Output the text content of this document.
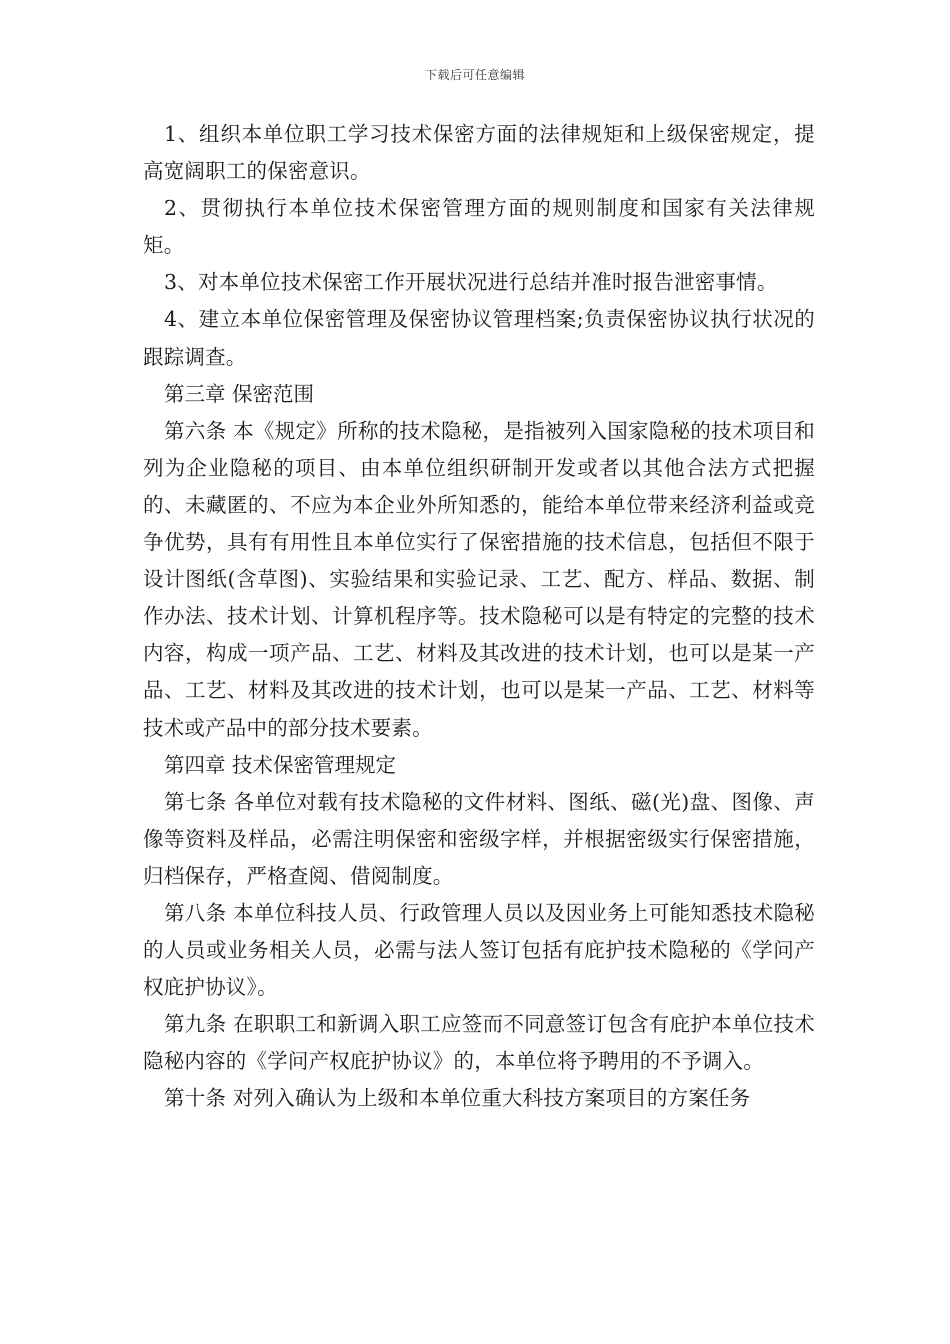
下载后可任意编辑

1、组织本单位职工学习技术保密方面的法律规矩和上级保密规定，提高宽阔职工的保密意识。

2、贯彻执行本单位技术保密管理方面的规则制度和国家有关法律规矩。

3、对本单位技术保密工作开展状况进行总结并准时报告泄密事情。

4、建立本单位保密管理及保密协议管理档案;负责保密协议执行状况的跟踪调查。

第三章 保密范围

第六条 本《规定》所称的技术隐秘，是指被列入国家隐秘的技术项目和列为企业隐秘的项目、由本单位组织研制开发或者以其他合法方式把握的、未藏匿的、不应为本企业外所知悉的，能给本单位带来经济利益或竞争优势，具有有用性且本单位实行了保密措施的技术信息，包括但不限于设计图纸(含草图)、实验结果和实验记录、工艺、配方、样品、数据、制作办法、技术计划、计算机程序等。技术隐秘可以是有特定的完整的技术内容，构成一项产品、工艺、材料及其改进的技术计划，也可以是某一产品、工艺、材料及其改进的技术计划，也可以是某一产品、工艺、材料等技术或产品中的部分技术要素。

第四章 技术保密管理规定

第七条 各单位对载有技术隐秘的文件材料、图纸、磁(光)盘、图像、声像等资料及样品，必需注明保密和密级字样，并根据密级实行保密措施，归档保存，严格查阅、借阅制度。

第八条 本单位科技人员、行政管理人员以及因业务上可能知悉技术隐秘的人员或业务相关人员，必需与法人签订包括有庇护技术隐秘的《学问产权庇护协议》。

第九条 在职职工和新调入职工应签而不同意签订包含有庇护本单位技术隐秘内容的《学问产权庇护协议》的，本单位将予聘用的不予调入。

第十条 对列入确认为上级和本单位重大科技方案项目的方案任务
